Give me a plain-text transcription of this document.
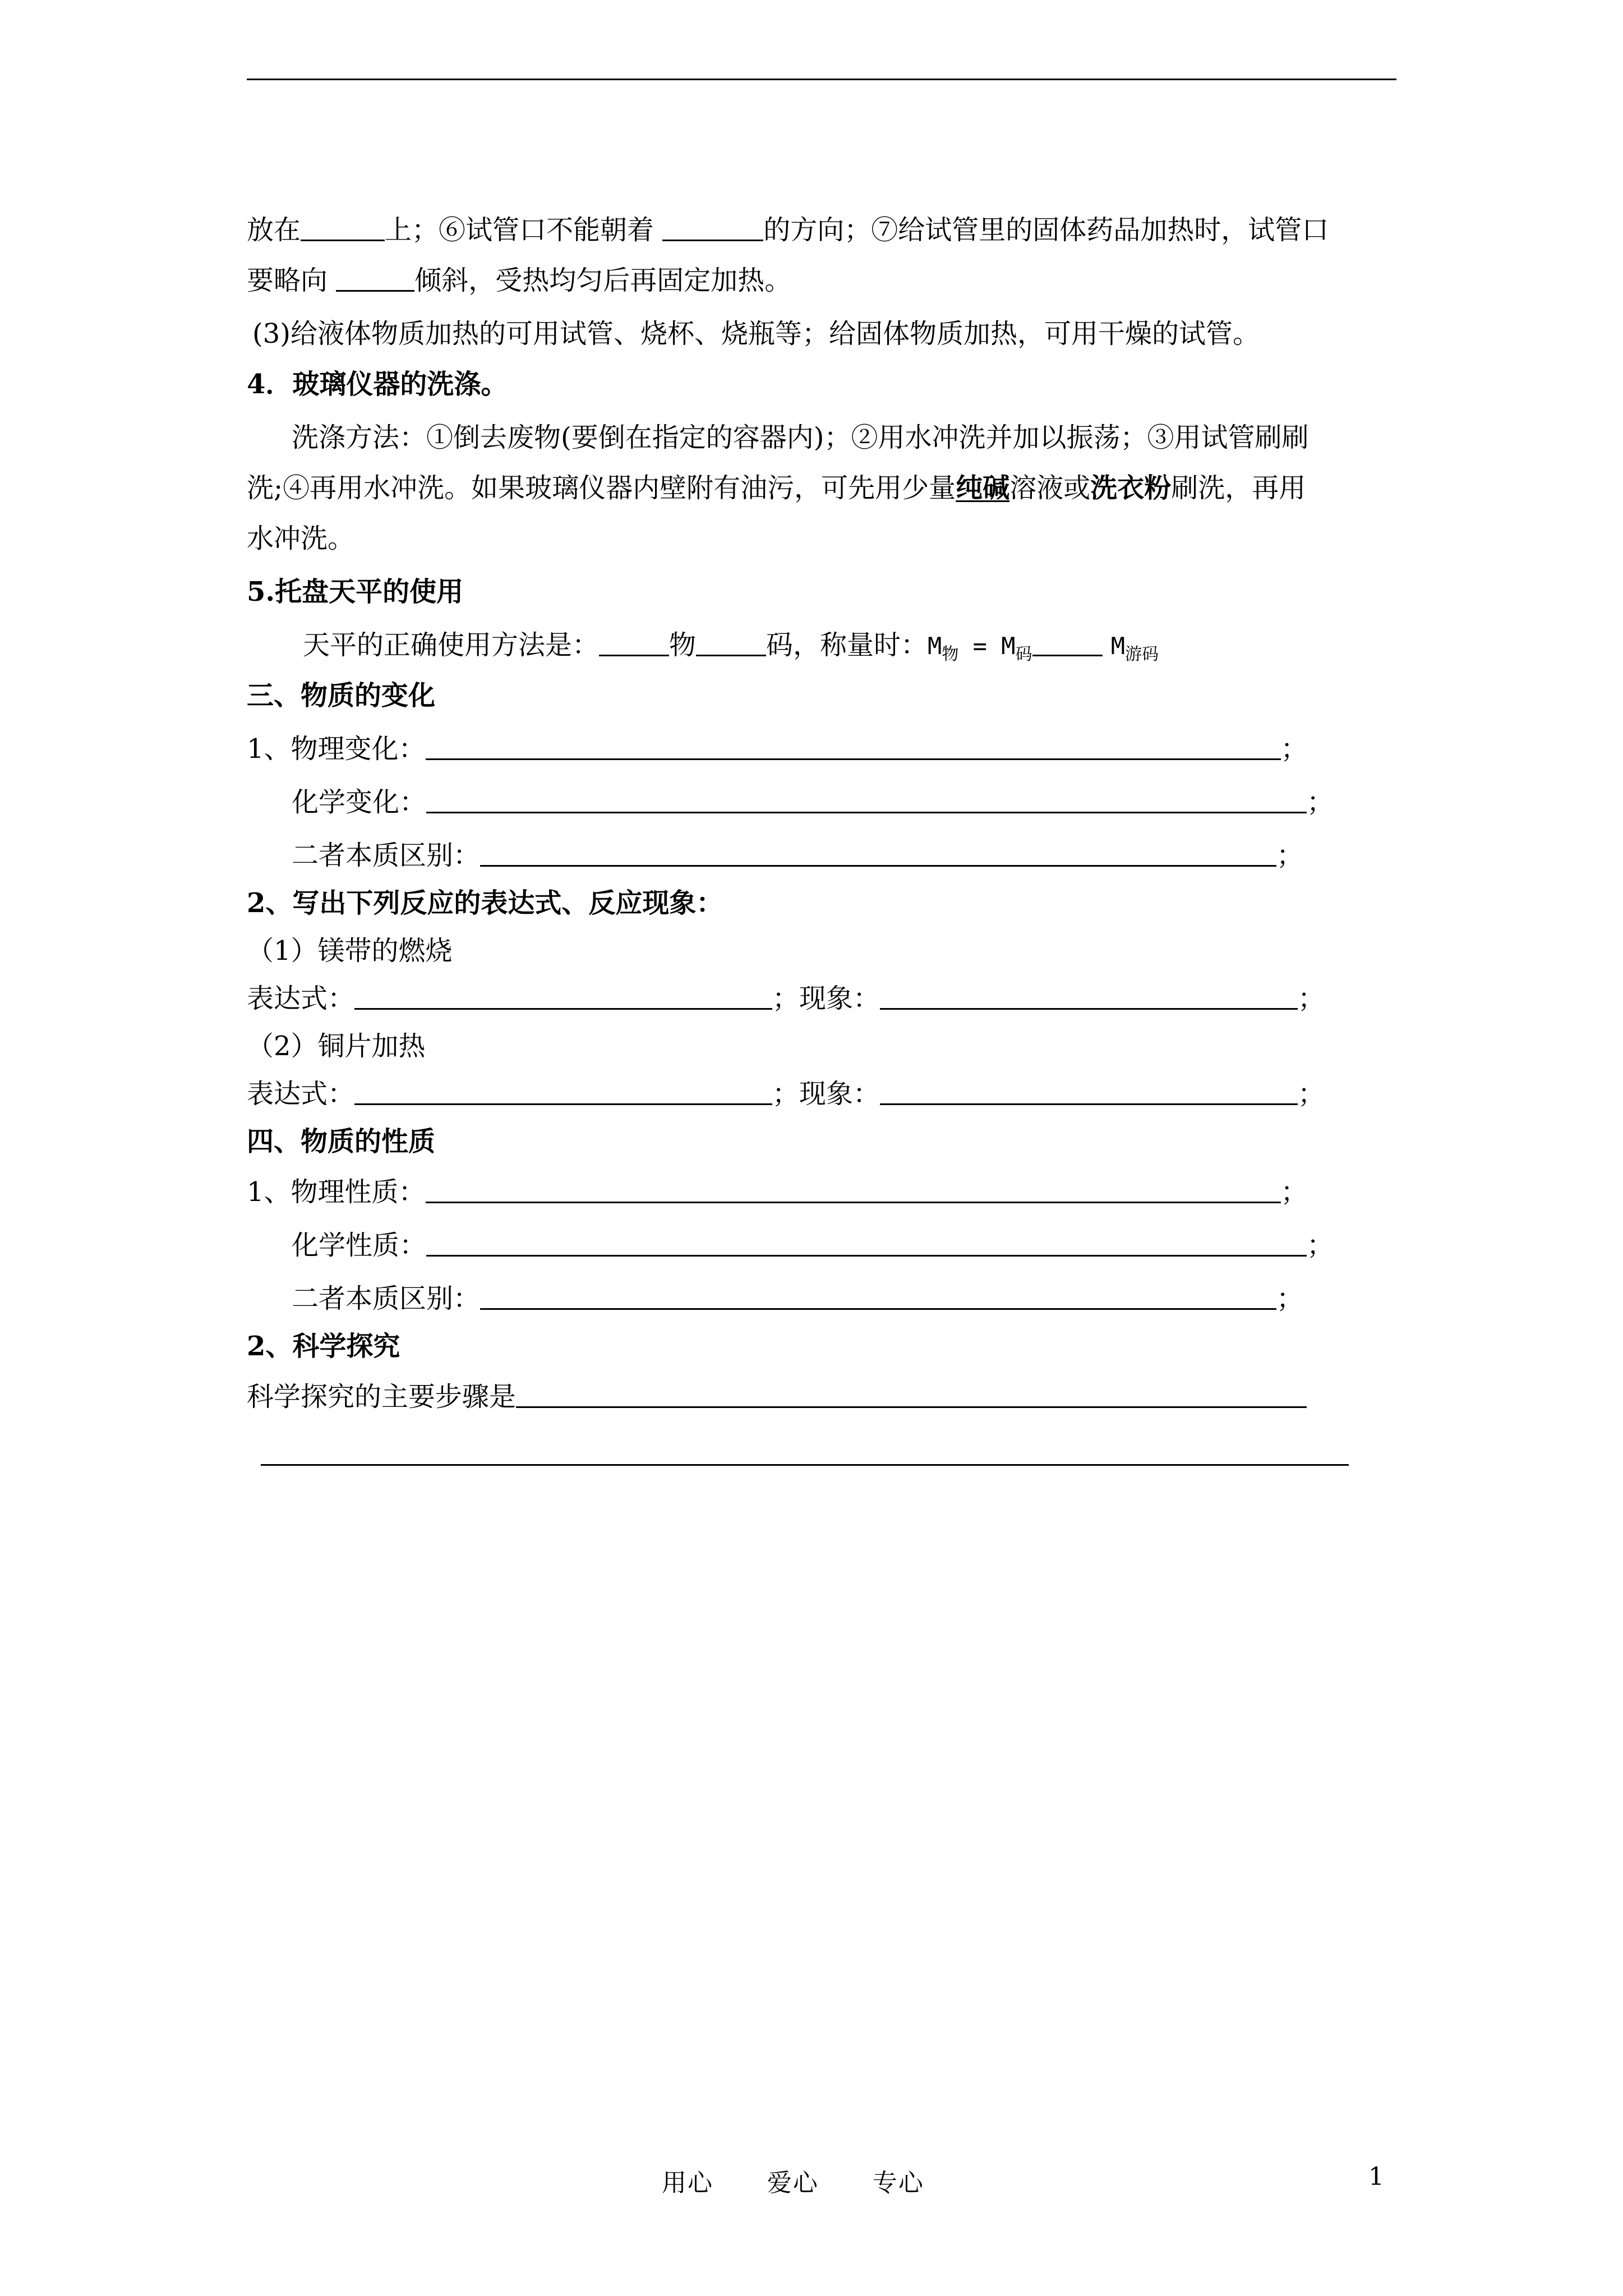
放在	上；⑥试管口不能朝着	的方向；⑦给试管里的固体药品加热时，试管口
要略向	倾斜，受热均匀后再固定加热。
(3)给液体物质加热的可用试管、烧杯、烧瓶等；给固体物质加热，可用干燥的试管。
4．玻璃仪器的洗涤。
洗涤方法：①倒去废物(要倒在指定的容器内)；②用水冲洗并加以振荡；③用试管刷刷
洗;④再用水冲洗。如果玻璃仪器内壁附有油污，可先用少量纯碱溶液或洗衣粉刷洗，再用
水冲洗。
5.托盘天平的使用
天平的正确使用方法是：	物	码，称量时：$M_物 = M_码$	$M_{游码}$
三、物质的变化
1、物理变化：	；
化学变化：	；
二者本质区别：	；
2、写出下列反应的表达式、反应现象：
（1）镁带的燃烧
表达式：	；现象：	；
（2）铜片加热
表达式：	；现象：	；
四、物质的性质
1、物理性质：	；
化学性质：	；
二者本质区别：	；
2、科学探究
科学探究的主要步骤是
用心      爱心      专心	1
